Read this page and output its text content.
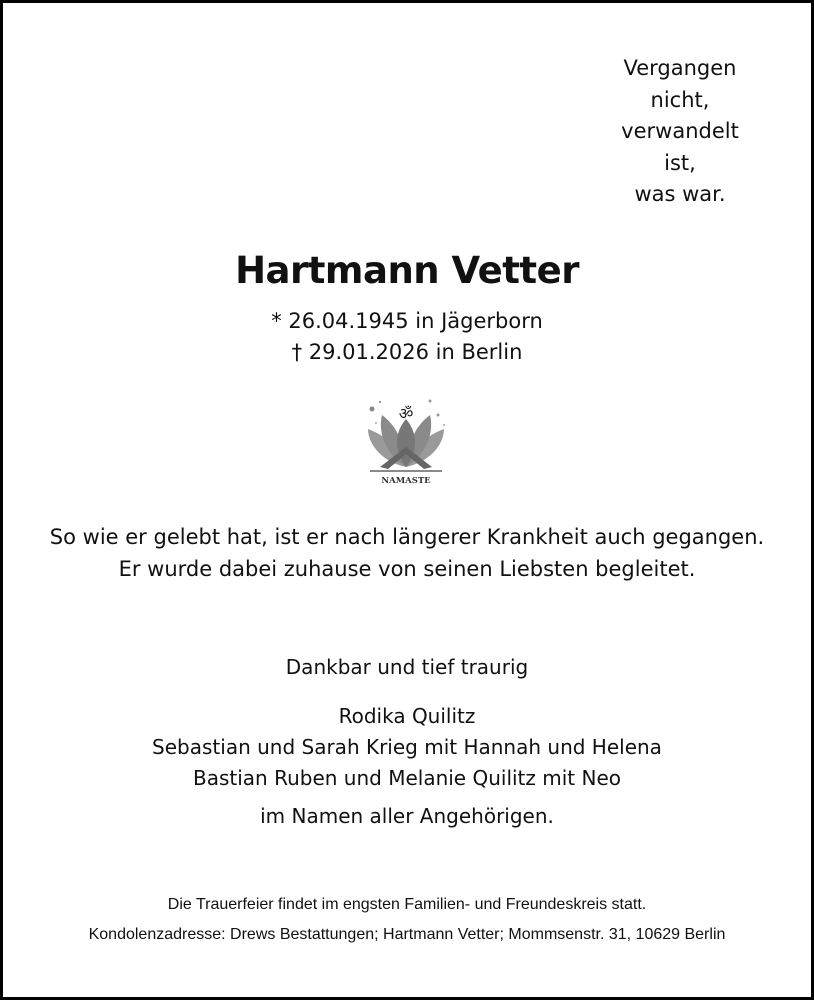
Vergangen
nicht,
verwandelt
ist,
was war.
Hartmann Vetter
* 26.04.1945 in Jägerborn
† 29.01.2026 in Berlin
ॐ
NAMASTE
So wie er gelebt hat, ist er nach längerer Krankheit auch gegangen.
Er wurde dabei zuhause von seinen Liebsten begleitet.
Dankbar und tief traurig
Rodika Quilitz
Sebastian und Sarah Krieg mit Hannah und Helena
Bastian Ruben und Melanie Quilitz mit Neo
im Namen aller Angehörigen.
Die Trauerfeier findet im engsten Familien- und Freundeskreis statt.
Kondolenzadresse: Drews Bestattungen; Hartmann Vetter; Mommsenstr. 31, 10629 Berlin
